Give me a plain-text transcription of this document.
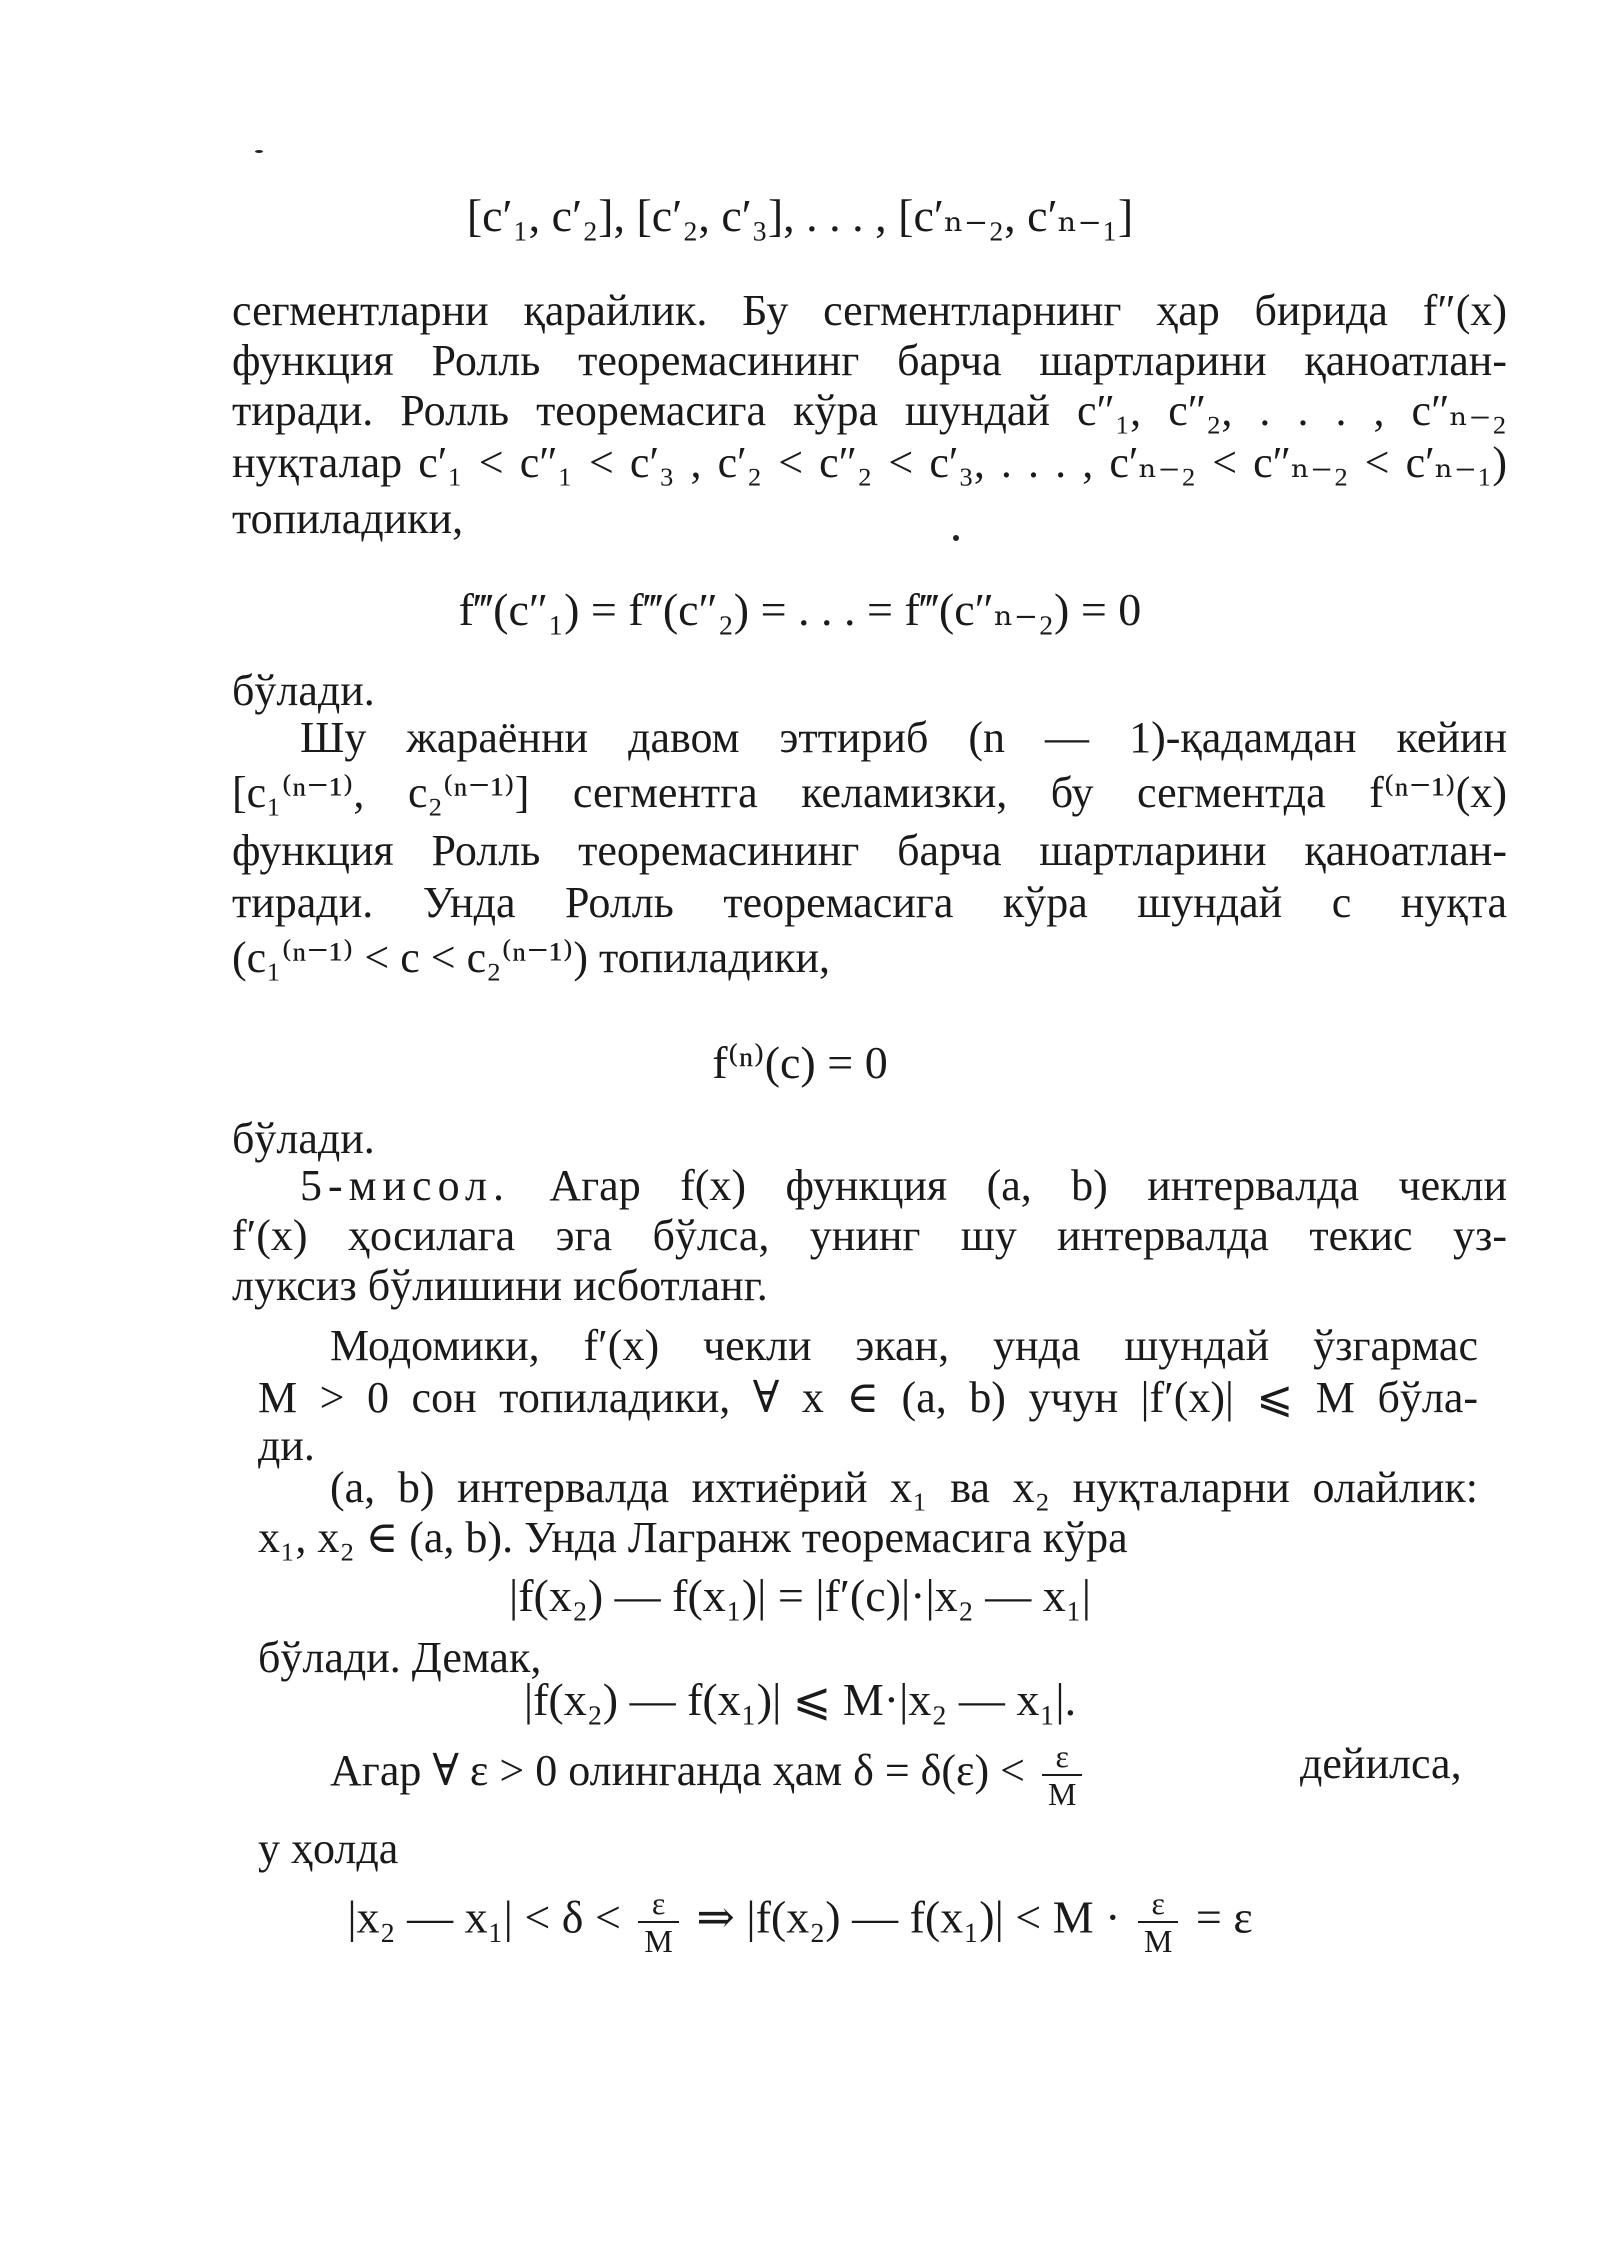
[c′₁, c′₂], [c′₂, c′₃], . . . , [c′ₙ₋₂, c′ₙ₋₁]
сегментларни қарайлик. Бу сегментларнинг ҳар бирида f″(x)
функция Ролль теоремасининг барча шартларини қаноатлан-
тиради. Ролль теоремасига кўра шундай c″₁, c″₂, . . . , c″ₙ₋₂
нуқталар c′₁ < c″₁ < c′₃ , c′₂ < c″₂ < c′₃, . . . , c′ₙ₋₂ < c″ₙ₋₂ < c′ₙ₋₁)
топиладики,
f‴(c″₁) = f‴(c″₂) = . . . = f‴(c″ₙ₋₂) = 0
бўлади.
Шу жараённи давом эттириб (n — 1)-қадамдан кейин
[c₁⁽ⁿ⁻¹⁾, c₂⁽ⁿ⁻¹⁾] сегментга келамизки, бу сегментда f⁽ⁿ⁻¹⁾(x)
функция Ролль теоремасининг барча шартларини қаноатлан-
тиради. Унда Ролль теоремасига кўра шундай c нуқта
(c₁⁽ⁿ⁻¹⁾ < c < c₂⁽ⁿ⁻¹⁾) топиладики,
f⁽ⁿ⁾(c) = 0
бўлади.
5-мисол. Агар f(x) функция (a, b) интервалда чекли
f′(x) ҳосилага эга бўлса, унинг шу интервалда текис уз-
луксиз бўлишини исботланг.
Модомики, f′(x) чекли экан, унда шундай ўзгармас
M > 0 сон топиладики, ∀ x ∈ (a, b) учун |f′(x)| ⩽ M бўла-
ди.
(a, b) интервалда ихтиёрий x₁ ва x₂ нуқталарни олайлик:
x₁, x₂ ∈ (a, b). Унда Лагранж теоремасига кўра
|f(x₂) — f(x₁)| = |f′(c)|·|x₂ — x₁|
бўлади. Демак,
|f(x₂) — f(x₁)| ⩽ M·|x₂ — x₁|.
Агар ∀ ε > 0 олинганда ҳам $\delta = \delta(\varepsilon) < \frac{\varepsilon}{M}$	дейилса,
у ҳолда
|x₂ — $x_1| < \delta < \frac{\varepsilon}{M}$ ⇒ |f(x₂) — $f(x_1)| < M \cdot \frac{\varepsilon}{M} = \varepsilon$
